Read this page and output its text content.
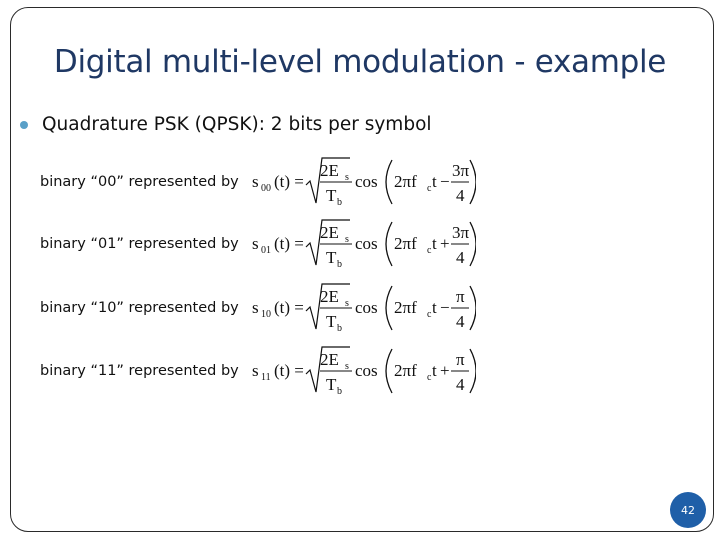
Digital multi-level modulation - example
Quadrature PSK (QPSK): 2 bits per symbol
binary “00” represented by s 00 (t) =
2E s
T b
cos 2πf c t −
3π
4
binary “01” represented by s 01 (t) =
2E s
T b
cos 2πf c t +
3π
4
binary “10” represented by s 10 (t) =
2E s
T b
cos 2πf c t −
π
4
binary “11” represented by s 11 (t) =
2E s
T b
cos 2πf c t +
π
4
42
